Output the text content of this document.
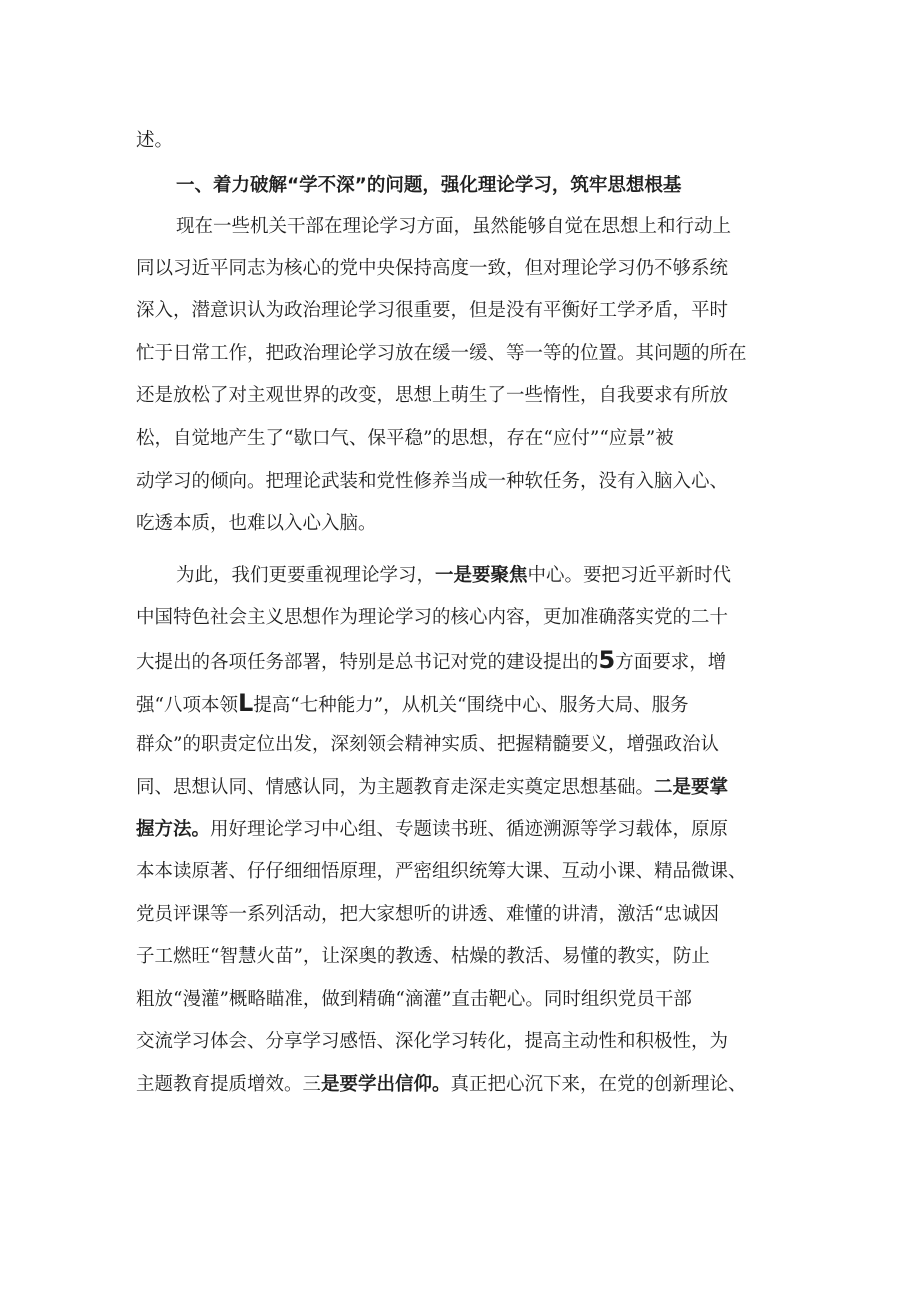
述。
一、着力破解“学不深”的问题，强化理论学习，筑牢思想根基
现在一些机关干部在理论学习方面，虽然能够自觉在思想上和行动上
同以习近平同志为核心的党中央保持高度一致，但对理论学习仍不够系统
深入，潜意识认为政治理论学习很重要，但是没有平衡好工学矛盾，平时
忙于日常工作，把政治理论学习放在缓一缓、等一等的位置。其问题的所在
还是放松了对主观世界的改变，思想上萌生了一些惰性，自我要求有所放
松，自觉地产生了“歇口气、保平稳”的思想，存在“应付”“应景”被
动学习的倾向。把理论武装和党性修养当成一种软任务，没有入脑入心、
吃透本质，也难以入心入脑。
为此，我们更要重视理论学习，一是要聚焦中心。要把习近平新时代
中国特色社会主义思想作为理论学习的核心内容，更加准确落实党的二十
大提出的各项任务部署，特别是总书记对党的建设提出的5方面要求，增
强“八项本领L提高“七种能力”，从机关“围绕中心、服务大局、服务
群众”的职责定位出发，深刻领会精神实质、把握精髓要义，增强政治认
同、思想认同、情感认同，为主题教育走深走实奠定思想基础。二是要掌
握方法。用好理论学习中心组、专题读书班、循迹溯源等学习载体，原原
本本读原著、仔仔细细悟原理，严密组织统筹大课、互动小课、精品微课、
党员评课等一系列活动，把大家想听的讲透、难懂的讲清，激活“忠诚因
子工燃旺“智慧火苗”，让深奥的教透、枯燥的教活、易懂的教实，防止
粗放“漫灌”概略瞄准，做到精确“滴灌”直击靶心。同时组织党员干部
交流学习体会、分享学习感悟、深化学习转化，提高主动性和积极性，为
主题教育提质增效。三是要学出信仰。真正把心沉下来，在党的创新理论、
